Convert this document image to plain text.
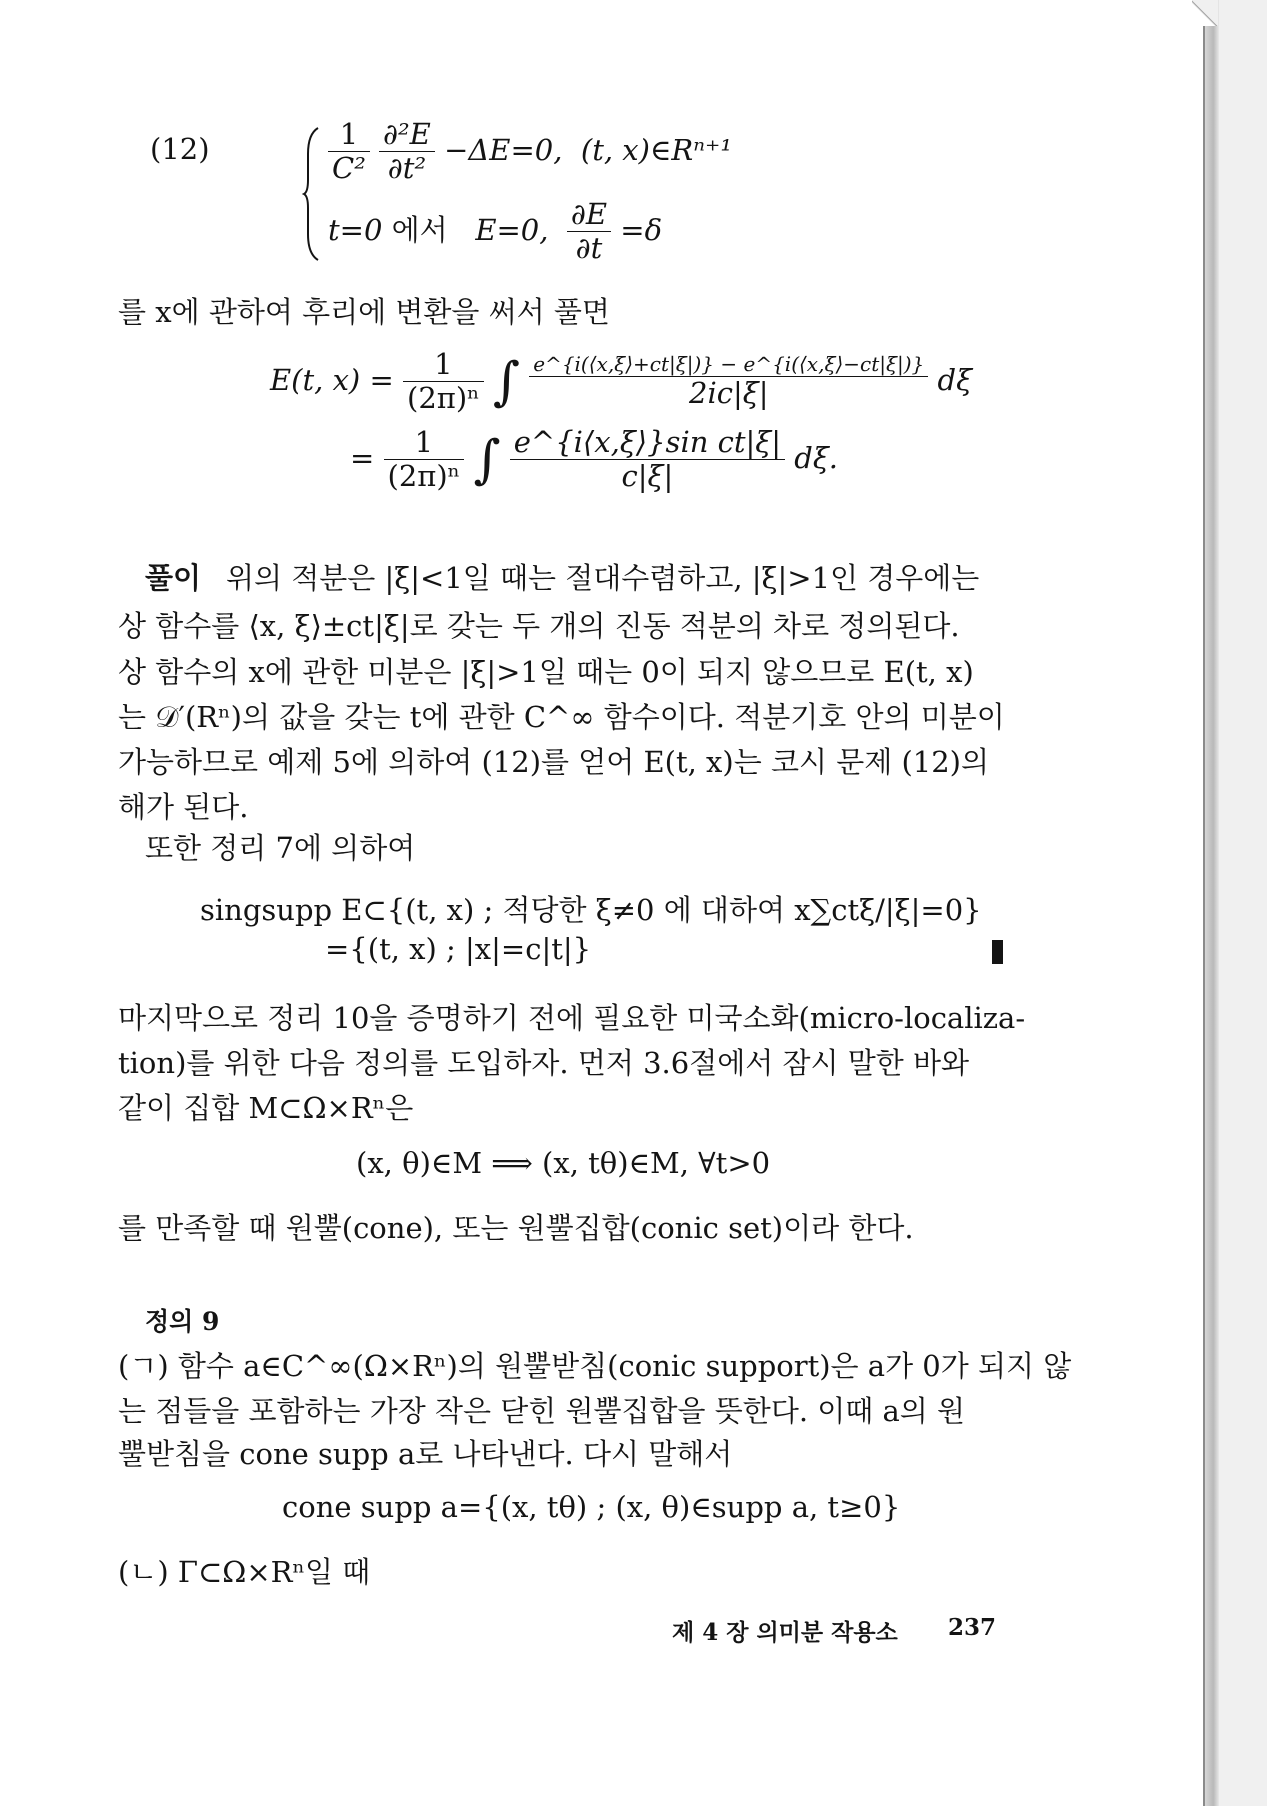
(12)	$\frac{1}{\text{C²}}$
$\frac{\text{∂²E}}{\text{∂t²}} -\Delta E=0$, (t, x)∈Rⁿ⁺¹
t=0 에서 E=0, $\frac{\partial E}{\partial t} =\delta$
를 x에 관하여 후리에 변환을 써서 풀면
E(t, $x) = \frac{1}{\text{(2π)ⁿ}}$ ∫ $\frac{e\^{}\{i(⟨x,\xi⟩+ct|\xi|)\} - e\^{}\{i(⟨x,\xi⟩-ct|\xi|)\}}{2ic|\xi|}$ dξ
= $\frac{1}{\text{(2π)ⁿ}}$ ∫ $\frac{\text{e\textasciicircum{}\{i⟨x,ξ⟩\}sin ct|ξ|}}{c|\xi|} d\xi$.
풀이 위의 적분은 |ξ|<1일 때는 절대수렴하고, |ξ|>1인 경우에는
상 함수를 ⟨x, ξ⟩±ct|ξ|로 갖는 두 개의 진동 적분의 차로 정의된다.
상 함수의 x에 관한 미분은 |ξ|>1일 때는 0이 되지 않으므로 E(t, x)
는 𝒟′(Rⁿ)의 값을 갖는 t에 관한 C^∞ 함수이다. 적분기호 안의 미분이
가능하므로 예제 5에 의하여 (12)를 얻어 E(t, x)는 코시 문제 (12)의
해가 된다.
또한 정리 7에 의하여
singsupp E⊂{(t, x) ; 적당한 ξ≠0 에 대하여 x∑ctξ/|ξ|=0}
={(t, x) ; |x|=c|t|}
마지막으로 정리 10을 증명하기 전에 필요한 미국소화(micro-localiza-
tion)를 위한 다음 정의를 도입하자. 먼저 3.6절에서 잠시 말한 바와
같이 집합 M⊂Ω×Rⁿ은
(x, θ)∈M ⟹ (x, tθ)∈M, ∀t>0
를 만족할 때 원뿔(cone), 또는 원뿔집합(conic set)이라 한다.
정의 9
(ㄱ) 함수 a∈C^∞(Ω×Rⁿ)의 원뿔받침(conic support)은 a가 0가 되지 않
는 점들을 포함하는 가장 작은 닫힌 원뿔집합을 뜻한다. 이때 a의 원
뿔받침을 cone supp a로 나타낸다. 다시 말해서
cone supp a={(x, tθ) ; (x, θ)∈supp a, t≥0}
(ㄴ) Γ⊂Ω×Rⁿ일 때
제 4 장 의미분 작용소 237
